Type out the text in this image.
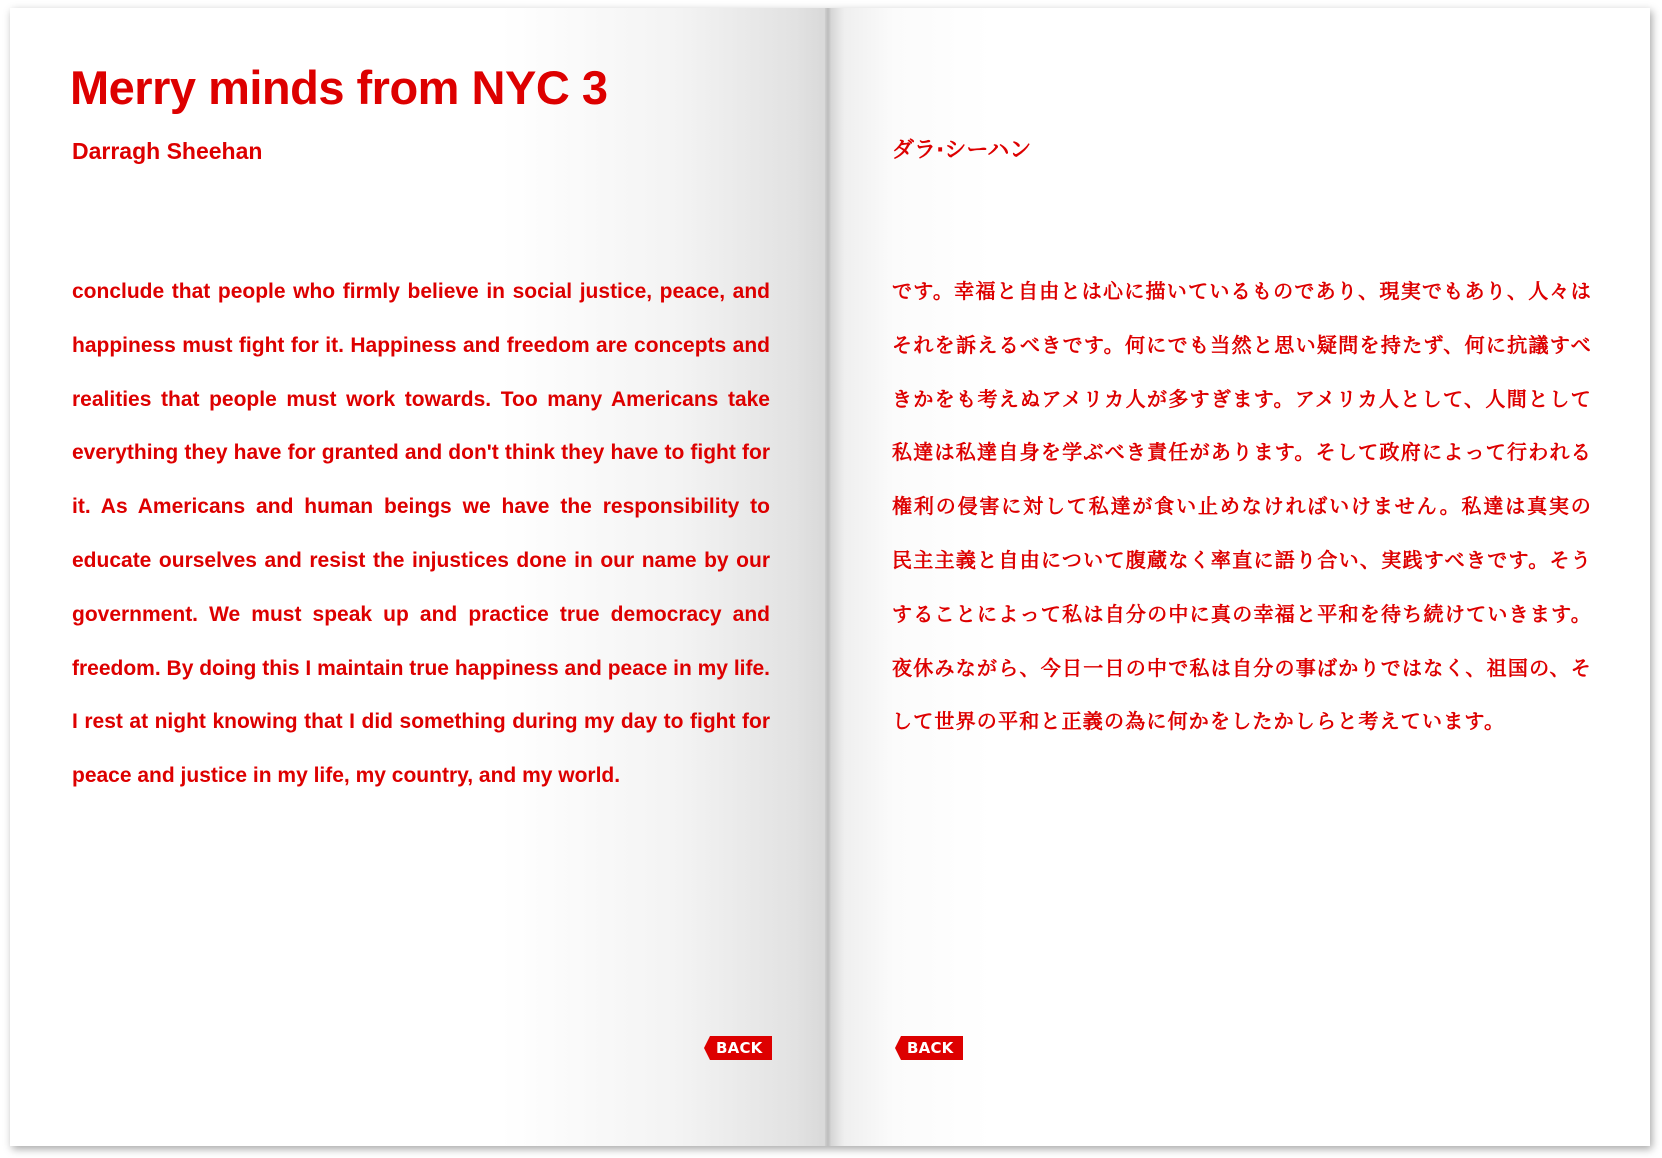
Merry minds from NYC 3
Darragh Sheehan

conclude that people who firmly believe in social justice, peace, and happiness must fight for it. Happiness and freedom are concepts and realities that people must work towards. Too many Americans take everything they have for granted and don't think they have to fight for it. As Americans and human beings we have the responsibility to educate ourselves and resist the injustices done in our name by our government. We must speak up and practice true democracy and freedom. By doing this I maintain true happiness and peace in my life. I rest at night knowing that I did something during my day to fight for peace and justice in my life, my country, and my world.

BACK
ダラ·シーハン

です。幸福と自由とは心に描いているものであり、現実でもあり、人々はそれを訴えるべきです。何にでも当然と思い疑問を持たず、何に抗議すべきかをも考えぬアメリカ人が多すぎます。アメリカ人として、人間として私達は私達自身を学ぶべき責任があります。そして政府によって行われる権利の侵害に対して私達が食い止めなければいけません。私達は真実の民主主義と自由について腹蔵なく率直に語り合い、実践すべきです。そうすることによって私は自分の中に真の幸福と平和を待ち続けていきます。夜休みながら、今日一日の中で私は自分の事ばかりではなく、祖国の、そして世界の平和と正義の為に何かをしたかしらと考えています。

BACK
